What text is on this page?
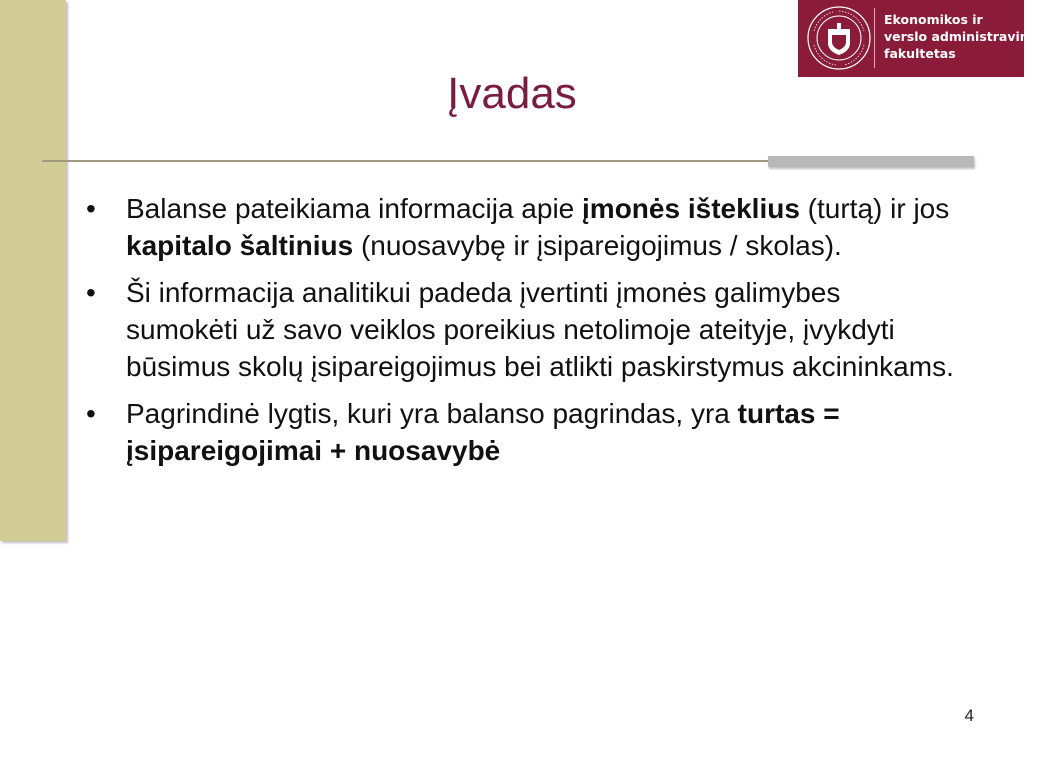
Ekonomikos ir
verslo administravimo
fakultetas
Įvadas
• Balanse pateikiama informacija apie įmonės išteklius (turtą) ir jos kapitalo šaltinius (nuosavybę ir įsipareigojimus / skolas).
• Ši informacija analitikui padeda įvertinti įmonės galimybes sumokėti už savo veiklos poreikius netolimoje ateityje, įvykdyti būsimus skolų įsipareigojimus bei atlikti paskirstymus akcininkams.
• Pagrindinė lygtis, kuri yra balanso pagrindas, yra turtas = įsipareigojimai + nuosavybė
4
